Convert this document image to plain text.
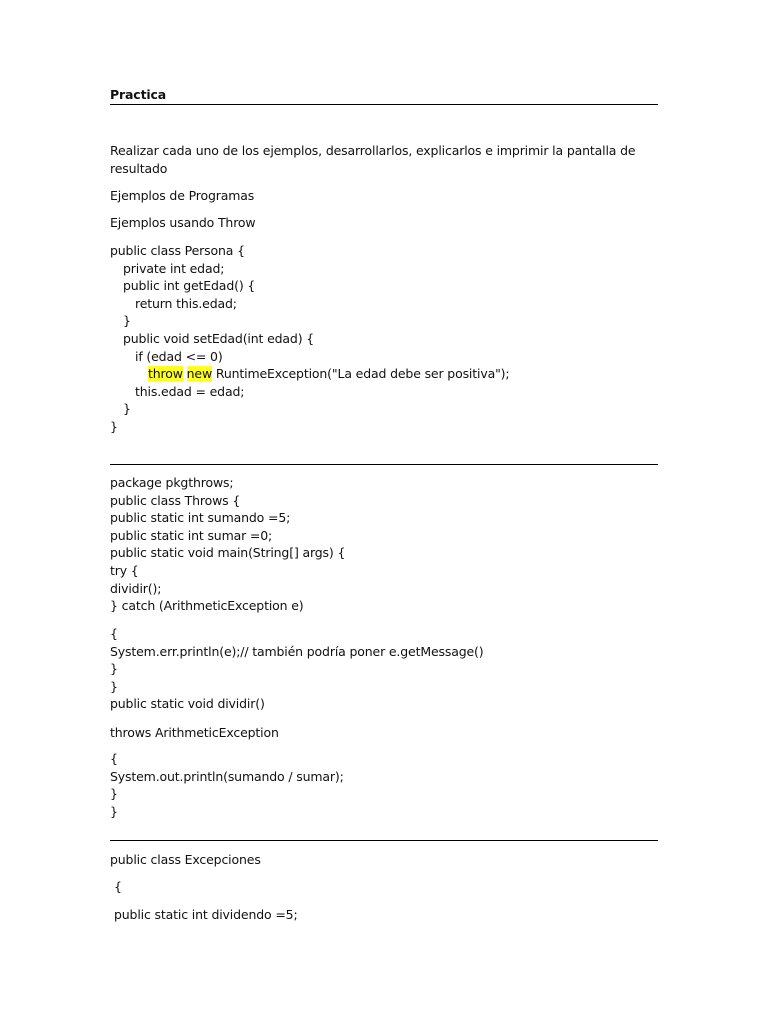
Practica
Realizar cada uno de los ejemplos, desarrollarlos, explicarlos e imprimir la pantalla de resultado
Ejemplos de Programas
Ejemplos usando Throw
public class Persona {
private int edad;
public int getEdad() {
return this.edad;
}
public void setEdad(int edad) {
if (edad <= 0)
throw new RuntimeException("La edad debe ser positiva");
this.edad = edad;
}
}
package pkgthrows;
public class Throws {
public static int sumando =5;
public static int sumar =0;
public static void main(String[] args) {
try {
dividir();
} catch (ArithmeticException e)
{
System.err.println(e);// también podría poner e.getMessage()
}
}
public static void dividir()
throws ArithmeticException
{
System.out.println(sumando / sumar);
}
}
public class Excepciones
{
public static int dividendo =5;
